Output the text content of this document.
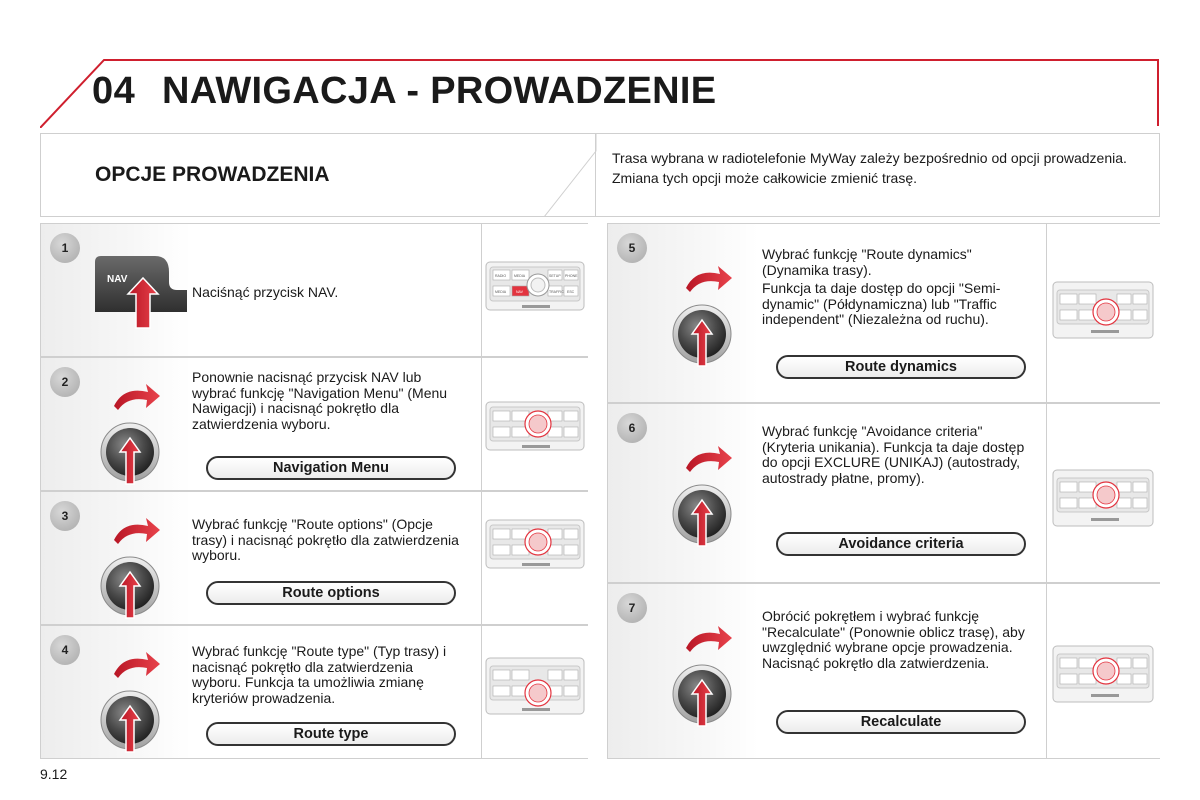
04 NAWIGACJA - PROWADZENIE
OPCJE PROWADZENIA

Trasa wybrana w radiotelefonie MyWay zależy bezpośrednio od opcji prowadzenia.

Zmiana tych opcji może całkowicie zmienić trasę.

1
NAV
Naciśnąć przycisk NAV.
RADIO MEDIA	SETUP PHONE
MEDIA	NAV	TRAFFIC ESC
2	Ponownie nacisnąć przycisk NAV lub wybrać funkcję "Navigation Menu" (Menu Nawigacji) i nacisnąć pokrętło dla zatwierdzenia wyboru.
Navigation Menu
3	Wybrać funkcję "Route options" (Opcje trasy) i nacisnąć pokrętło dla zatwierdzenia wyboru.
Route options
4	Wybrać funkcję "Route type" (Typ trasy) i nacisnąć pokrętło dla zatwierdzenia wyboru. Funkcja ta umożliwia zmianę kryteriów prowadzenia.
Route type
5	Wybrać funkcję "Route dynamics" (Dynamika trasy).

Funkcja ta daje dostęp do opcji "Semi-dynamic" (Półdynamiczna) lub "Traffic independent" (Niezależna od ruchu).

Route dynamics
6	Wybrać funkcję "Avoidance criteria" (Kryteria unikania). Funkcja ta daje dostęp do opcji EXCLURE (UNIKAJ) (autostrady, autostrady płatne, promy).
Avoidance criteria
7	Obrócić pokrętłem i wybrać funkcję "Recalculate" (Ponownie oblicz trasę), aby uwzględnić wybrane opcje prowadzenia. Nacisnąć pokrętło dla zatwierdzenia.
Recalculate
9.12
